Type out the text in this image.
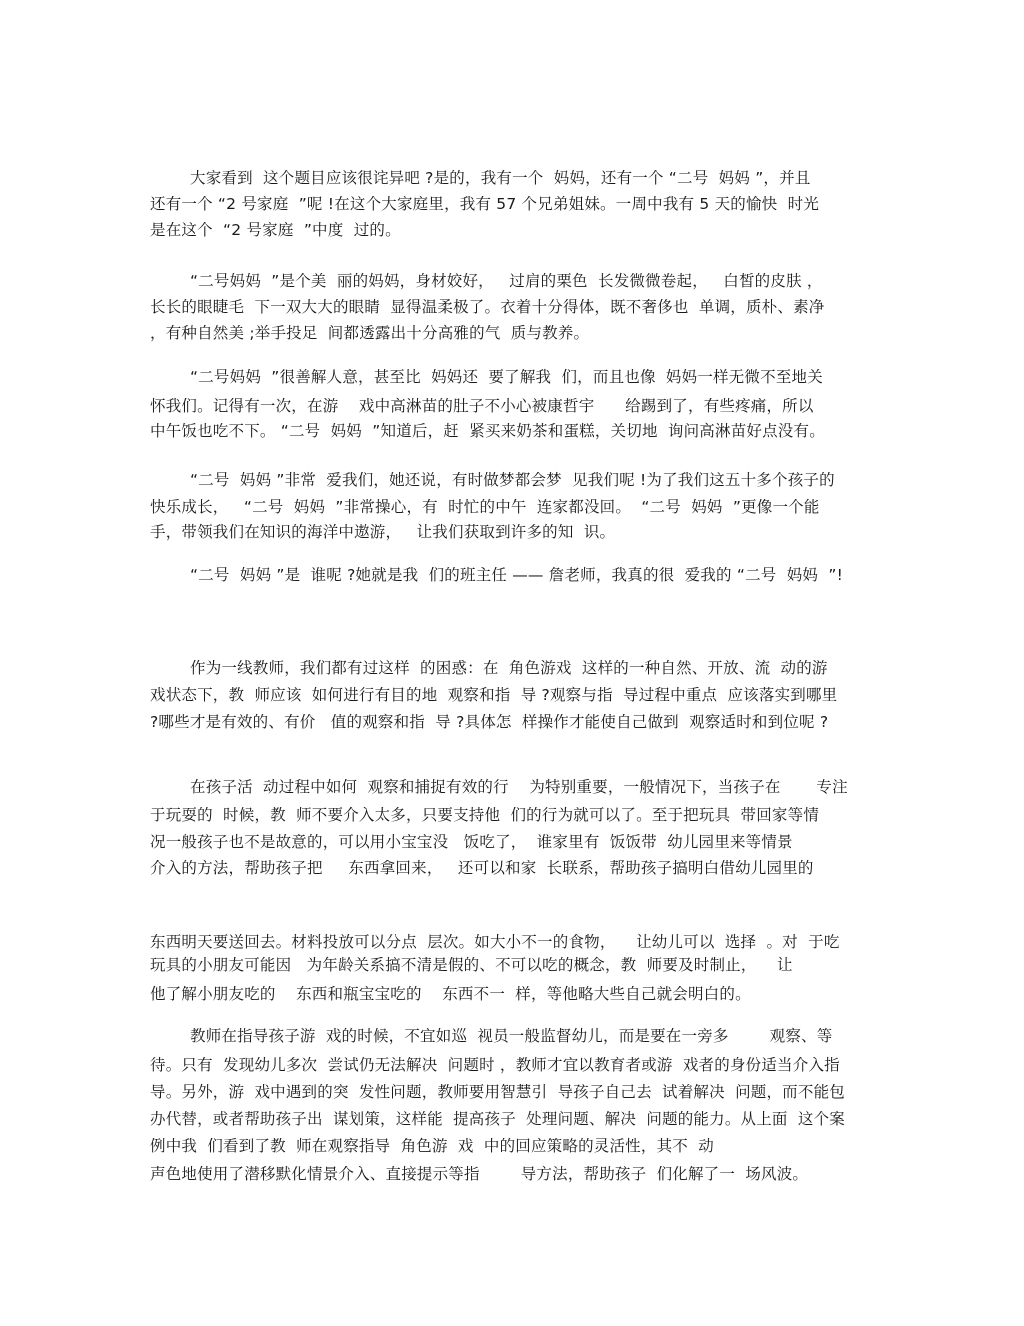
大家看到  这个题目应该很诧异吧 ?是的，我有一个  妈妈，还有一个 “二号  妈妈 ”，并且
还有一个 “2 号家庭  ”呢 !在这个大家庭里，我有 57 个兄弟姐妹。一周中我有 5 天的愉快  时光
是在这个  “2 号家庭  ”中度  过的。
“二号妈妈  ”是个美  丽的妈妈，身材姣好，   过肩的栗色  长发微微卷起，   白皙的皮肤 ，
长长的眼睫毛  下一双大大的眼睛  显得温柔极了。衣着十分得体，既不奢侈也  单调，质朴、素净
，有种自然美 ;举手投足  间都透露出十分高雅的气  质与教养。
“二号妈妈  ”很善解人意，甚至比  妈妈还  要了解我  们，而且也像  妈妈一样无微不至地关
怀我们。记得有一次，在游    戏中高淋苗的肚子不小心被康哲宇      给踢到了，有些疼痛，所以
中午饭也吃不下。 “二号  妈妈  ”知道后，赶  紧买来奶茶和蛋糕，关切地  询问高淋苗好点没有。
“二号  妈妈 ”非常  爱我们，她还说，有时做梦都会梦  见我们呢 !为了我们这五十多个孩子的
快乐成长，   “二号  妈妈  ”非常操心，有  时忙的中午  连家都没回。  “二号  妈妈  ”更像一个能
手，带领我们在知识的海洋中遨游，   让我们获取到许多的知  识。
“二号  妈妈 ”是  谁呢 ?她就是我  们的班主任 —— 詹老师，我真的很  爱我的 “二号  妈妈  ”!
作为一线教师，我们都有过这样  的困惑：在  角色游戏  这样的一种自然、开放、流  动的游
戏状态下，教  师应该  如何进行有目的地  观察和指  导 ?观察与指  导过程中重点  应该落实到哪里
?哪些才是有效的、有价   值的观察和指  导 ?具体怎  样操作才能使自己做到  观察适时和到位呢 ?
在孩子活  动过程中如何  观察和捕捉有效的行    为特别重要，一般情况下，当孩子在       专注
于玩耍的  时候，教  师不要介入太多，只要支持他  们的行为就可以了。至于把玩具  带回家等情
况一般孩子也不是故意的，可以用小宝宝没   饭吃了，  谁家里有  饭饭带  幼儿园里来等情景
介入的方法，帮助孩子把     东西拿回来，   还可以和家  长联系，帮助孩子搞明白借幼儿园里的
东西明天要送回去。材料投放可以分点  层次。如大小不一的食物，    让幼儿可以  选择  。对  于吃
玩具的小朋友可能因   为年龄关系搞不清是假的、不可以吃的概念，教  师要及时制止，    让
他了解小朋友吃的    东西和瓶宝宝吃的    东西不一  样，等他略大些自己就会明白的。
教师在指导孩子游  戏的时候，不宜如巡  视员一般监督幼儿，而是要在一旁多        观察、等
待。只有  发现幼儿多次  尝试仍无法解决  问题时 ，教师才宜以教育者或游  戏者的身份适当介入指
导。另外，游  戏中遇到的突  发性问题，教师要用智慧引  导孩子自己去  试着解决  问题，而不能包
办代替，或者帮助孩子出  谋划策，这样能  提高孩子  处理问题、解决  问题的能力。从上面  这个案
例中我  们看到了教  师在观察指导  角色游  戏  中的回应策略的灵活性，其不  动
声色地使用了潜移默化情景介入、直接提示等指        导方法，帮助孩子  们化解了一  场风波。
